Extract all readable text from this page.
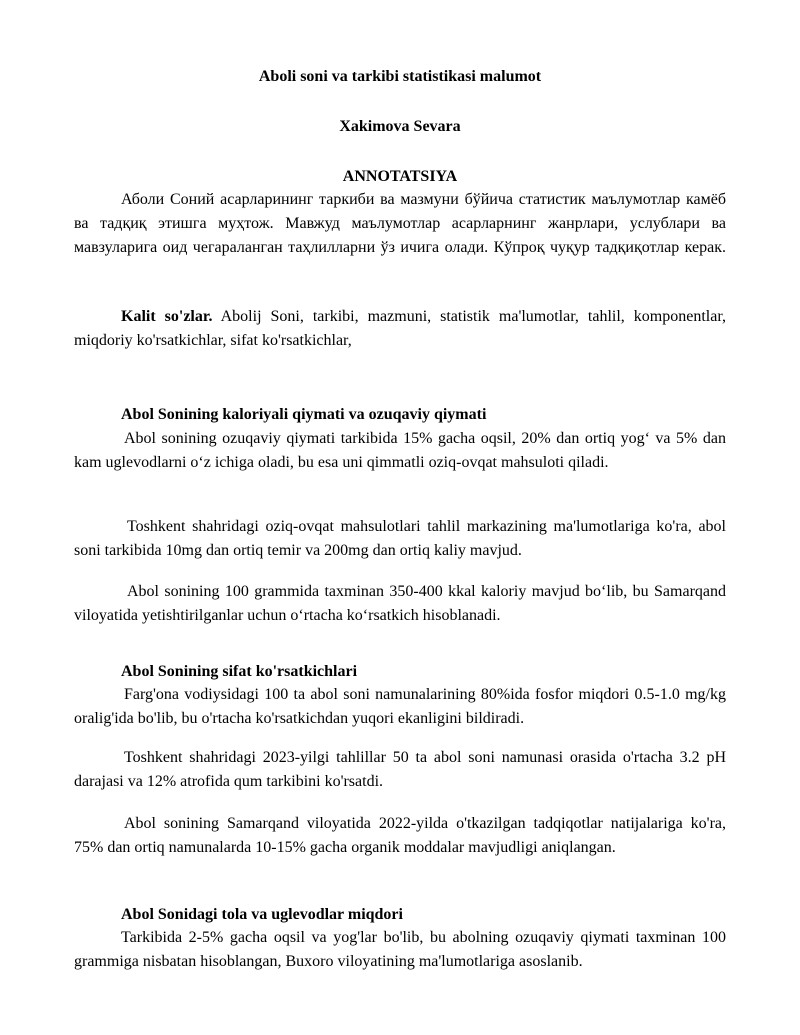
Aboli soni va tarkibi statistikasi malumot

Xakimova Sevara

ANNOTATSIYA

Аболи Соний асарларининг таркиби ва мазмуни бўйича статистик маълумотлар камёб ва тадқиқ этишга муҳтож. Мавжуд маълумотлар асарларнинг жанрлари, услублари ва мавзуларига оид чегараланган таҳлилларни ўз ичига олади. Кўпроқ чуқур тадқиқотлар керак.

Kalit so'zlar. Abolij Soni, tarkibi, mazmuni, statistik ma'lumotlar, tahlil, komponentlar, miqdoriy ko'rsatkichlar, sifat ko'rsatkichlar,

Abol Sonining kaloriyali qiymati va ozuqaviy qiymati

Abol sonining ozuqaviy qiymati tarkibida 15% gacha oqsil, 20% dan ortiq yog‘ va 5% dan kam uglevodlarni o‘z ichiga oladi, bu esa uni qimmatli oziq-ovqat mahsuloti qiladi.

Toshkent shahridagi oziq-ovqat mahsulotlari tahlil markazining ma'lumotlariga ko'ra, abol soni tarkibida 10mg dan ortiq temir va 200mg dan ortiq kaliy mavjud.

Abol sonining 100 grammida taxminan 350-400 kkal kaloriy mavjud bo‘lib, bu Samarqand viloyatida yetishtirilganlar uchun o‘rtacha ko‘rsatkich hisoblanadi.

Abol Sonining sifat ko'rsatkichlari

Farg'ona vodiysidagi 100 ta abol soni namunalarining 80%ida fosfor miqdori 0.5-1.0 mg/kg oralig'ida bo'lib, bu o'rtacha ko'rsatkichdan yuqori ekanligini bildiradi.

Toshkent shahridagi 2023-yilgi tahlillar 50 ta abol soni namunasi orasida o'rtacha 3.2 pH darajasi va 12% atrofida qum tarkibini ko'rsatdi.

Abol sonining Samarqand viloyatida 2022-yilda o'tkazilgan tadqiqotlar natijalariga ko'ra, 75% dan ortiq namunalarda 10-15% gacha organik moddalar mavjudligi aniqlangan.

Abol Sonidagi tola va uglevodlar miqdori

Tarkibida 2-5% gacha oqsil va yog'lar bo'lib, bu abolning ozuqaviy qiymati taxminan 100 grammiga nisbatan hisoblangan, Buxoro viloyatining ma'lumotlariga asoslanib.
